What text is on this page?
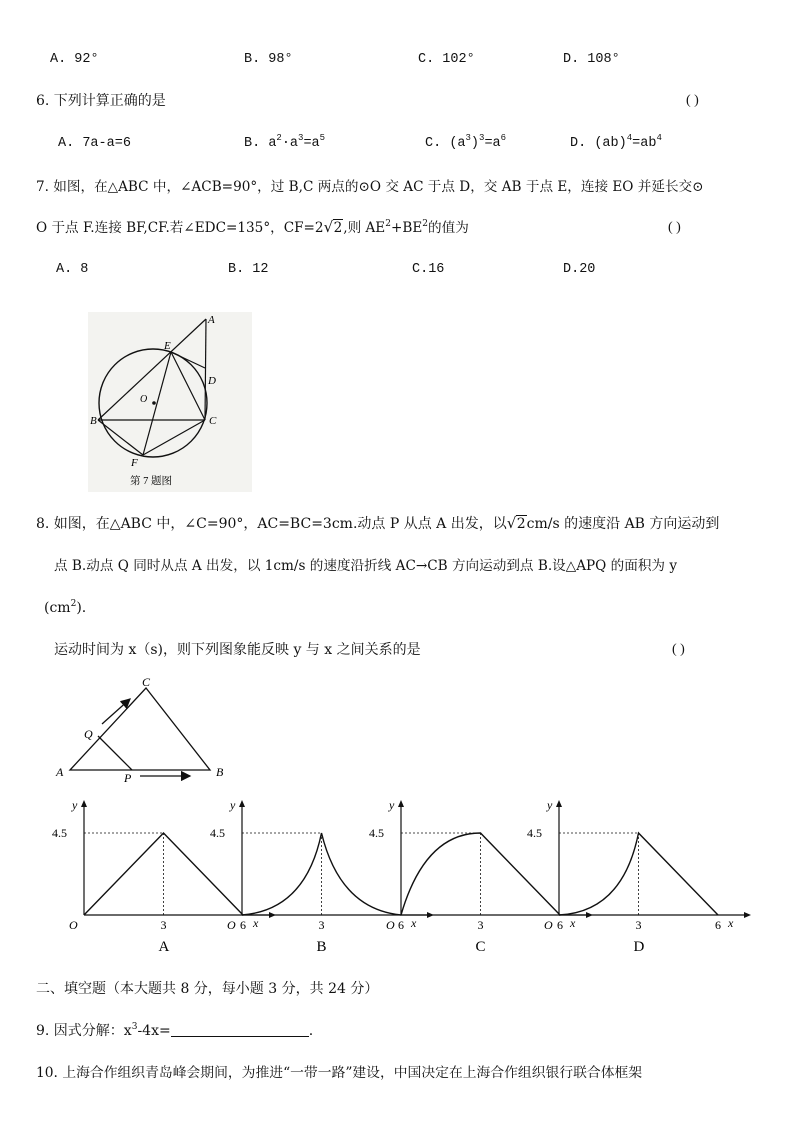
A. 92°	B. 98°	C. 102°	D. 108°
6. 下列计算正确的是	( )
A. 7a-a=6	B. $a^2\cdot a^3=a^5$	C. $(a^3)^3=a^6$	D. $(ab)^4=ab^4$
7. 如图，在△ABC 中，∠ACB=90°，过 B,C 两点的⊙O 交 AC 于点 D，交 AB 于点 E，连接 EO 并延长交⊙
O 于点 F.连接 BF,CF.若∠EDC=135°，CF=2 √ 2,则 $AE^2+BE^2$的值为	( )
A. 8	B. 12	C.16	D.20
A
E
D
O
B	C
F
第 7 题图
8. 如图，在△ABC 中，∠C=90°，AC=BC=3cm.动点 P 从点 A 出发，以 √ 2cm/s 的速度沿 AB 方向运动到
点 B.动点 Q 同时从点 A 出发，以 1cm/s 的速度沿折线 AC→CB 方向运动到点 B.设△APQ 的面积为 y
$(cm^2)$.
运动时间为 x（s)，则下列图象能反映 y 与 x 之间关系的是	( )
A	B
C
P
Q
y
4.5
O	3	6 x
A
y
4.5
O	3	6 x
B
y
4.5
O	3	6 x
C
y
4.5
O	3	6 x
D
二、填空题（本大题共 8 分，每小题 3 分，共 24 分）
9. 因式分解：$x^3-4x=$	.
10. 上海合作组织青岛峰会期间，为推进“一带一路”建设，中国决定在上海合作组织银行联合体框架
